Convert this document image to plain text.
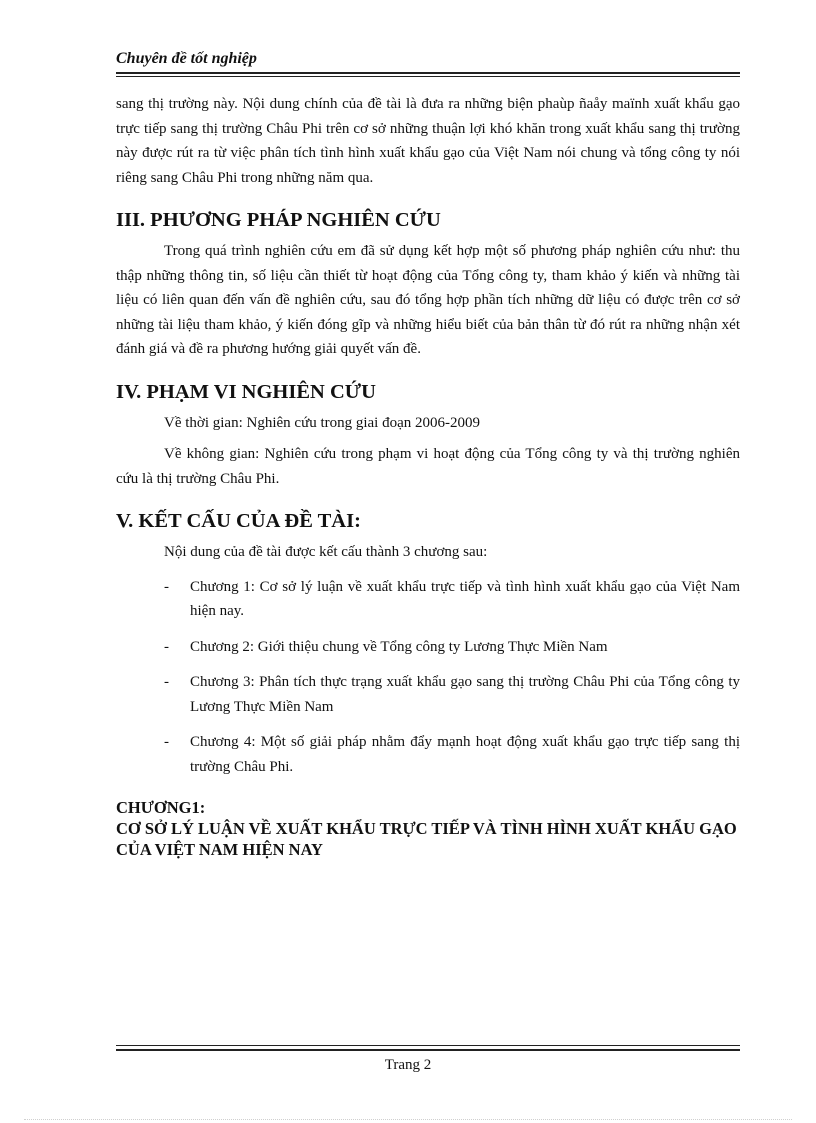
Chuyên đề tốt nghiệp

sang thị trường này. Nội dung chính của đề tài là đưa ra những biện phaùp ñaåy maïnh xuất khẩu gạo trực tiếp sang thị trường Châu Phi trên cơ sở những thuận lợi khó khăn trong xuất khẩu sang thị trường này được rút ra từ việc phân tích tình hình xuất khẩu gạo của Việt Nam nói chung và tổng công ty nói riêng sang Châu Phi trong những năm qua.

III. PHƯƠNG PHÁP NGHIÊN CỨU

Trong quá trình nghiên cứu em đã sử dụng kết hợp một số phương pháp nghiên cứu như: thu thập những thông tin, số liệu cần thiết từ hoạt động của Tổng công ty, tham khảo ý kiến và những tài liệu có liên quan đến vấn đề nghiên cứu, sau đó tổng hợp phần tích những dữ liệu có được trên cơ sở những tài liệu tham khảo, ý kiến đóng gĩp và những hiểu biết của bản thân từ đó rút ra những nhận xét đánh giá và đề ra phương hướng giải quyết vấn đề.

IV. PHẠM VI NGHIÊN CỨU

Về thời gian: Nghiên cứu trong giai đoạn 2006-2009

Về không gian: Nghiên cứu trong phạm vi hoạt động của Tổng công ty và thị trường nghiên cứu là thị trường Châu Phi.

V. KẾT CẤU CỦA ĐỀ TÀI:

Nội dung của đề tài được kết cấu thành 3 chương sau:

- Chương 1: Cơ sở lý luận về xuất khẩu trực tiếp và tình hình xuất khẩu gạo của Việt Nam hiện nay.
- Chương 2: Giới thiệu chung về Tổng công ty Lương Thực Miền Nam
- Chương 3: Phân tích thực trạng xuất khẩu gạo sang thị trường Châu Phi của Tổng công ty Lương Thực Miền Nam
- Chương 4: Một số giải pháp nhằm đẩy mạnh hoạt động xuất khẩu gạo trực tiếp sang thị trường Châu Phi.
CHƯƠNG1:
CƠ SỞ LÝ LUẬN VỀ XUẤT KHẨU TRỰC TIẾP VÀ TÌNH HÌNH XUẤT KHẨU GẠO CỦA VIỆT NAM HIỆN NAY
Trang 2
